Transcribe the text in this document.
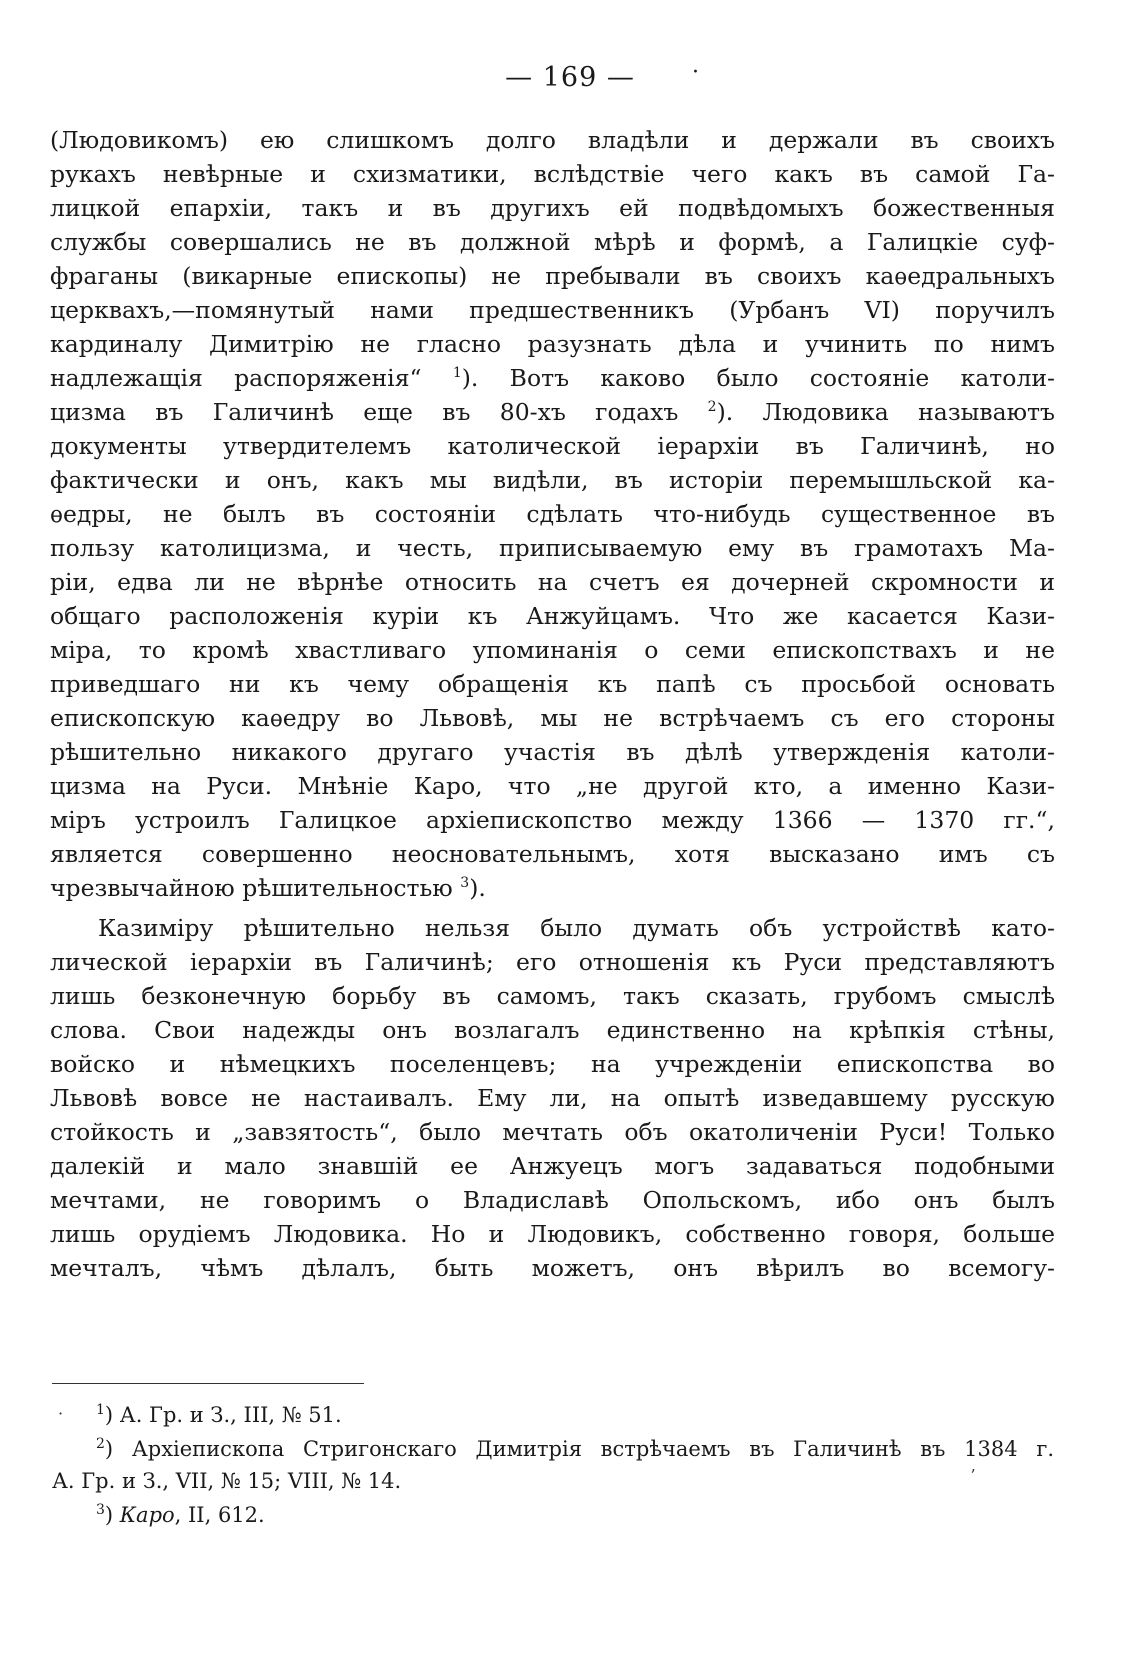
— 169 —	·
(Людовикомъ) ею слишкомъ долго владѣли и держали въ своихъ
рукахъ невѣрные и схизматики, вслѣдствіе чего какъ въ самой Га-
лицкой епархіи, такъ и въ другихъ ей подвѣдомыхъ божественныя
службы совершались не въ должной мѣрѣ и формѣ, а Галицкіе суф-
фраганы (викарные епископы) не пребывали въ своихъ каѳедральныхъ
церквахъ,—помянутый нами предшественникъ (Урбанъ VI) поручилъ
кардиналу Димитрію не гласно разузнать дѣла и учинить по нимъ
надлежащія распоряженія“ $^1$). Вотъ каково было состояніе католи-
цизма въ Галичинѣ еще въ 80-хъ годахъ $^2$). Людовика называютъ
документы утвердителемъ католической іерархіи въ Галичинѣ, но
фактически и онъ, какъ мы видѣли, въ исторіи перемышльской ка-
ѳедры, не былъ въ состояніи сдѣлать что-нибудь существенное въ
пользу католицизма, и честь, приписываемую ему въ грамотахъ Ма-
ріи, едва ли не вѣрнѣе относить на счетъ ея дочерней скромности и
общаго расположенія куріи къ Анжуйцамъ. Что же касается Кази-
міра, то кромѣ хвастливаго упоминанія о семи епископствахъ и не
приведшаго ни къ чему обращенія къ папѣ съ просьбой основать
епископскую каѳедру во Львовѣ, мы не встрѣчаемъ съ его стороны
рѣшительно никакого другаго участія въ дѣлѣ утвержденія католи-
цизма на Руси. Мнѣніе Каро, что „не другой кто, а именно Кази-
міръ устроилъ Галицкое архіепископство между 1366 — 1370 гг.“,
является совершенно неосновательнымъ, хотя высказано имъ съ
чрезвычайною рѣшительностью $^3$).
Казиміру рѣшительно нельзя было думать объ устройствѣ като-
лической іерархіи въ Галичинѣ; его отношенія къ Руси представляютъ
лишь безконечную борьбу въ самомъ, такъ сказать, грубомъ смыслѣ
слова. Свои надежды онъ возлагалъ единственно на крѣпкія стѣны,
войско и нѣмецкихъ поселенцевъ; на учрежденіи епископства во
Львовѣ вовсе не настаивалъ. Ему ли, на опытѣ изведавшему русскую
стойкость и „завзятость“, было мечтать объ окатоличеніи Руси! Только
далекій и мало знавшій ее Анжуецъ могъ задаваться подобными
мечтами, не говоримъ о Владиславѣ Опольскомъ, ибо онъ былъ
лишь орудіемъ Людовика. Но и Людовикъ, собственно говоря, больше
мечталъ, чѣмъ дѣлалъ, быть можетъ, онъ вѣрилъ во всемогу-
· $^1$) А. Гр. и З., III, № 51.
$^2$) Архіепископа Стригонскаго Димитрія встрѣчаемъ въ Галичинѣ въ 1384 г.
А. Гр. и З., VII, № 15; VIII, № 14.	ʼ
$^3$) Каро, II, 612.
